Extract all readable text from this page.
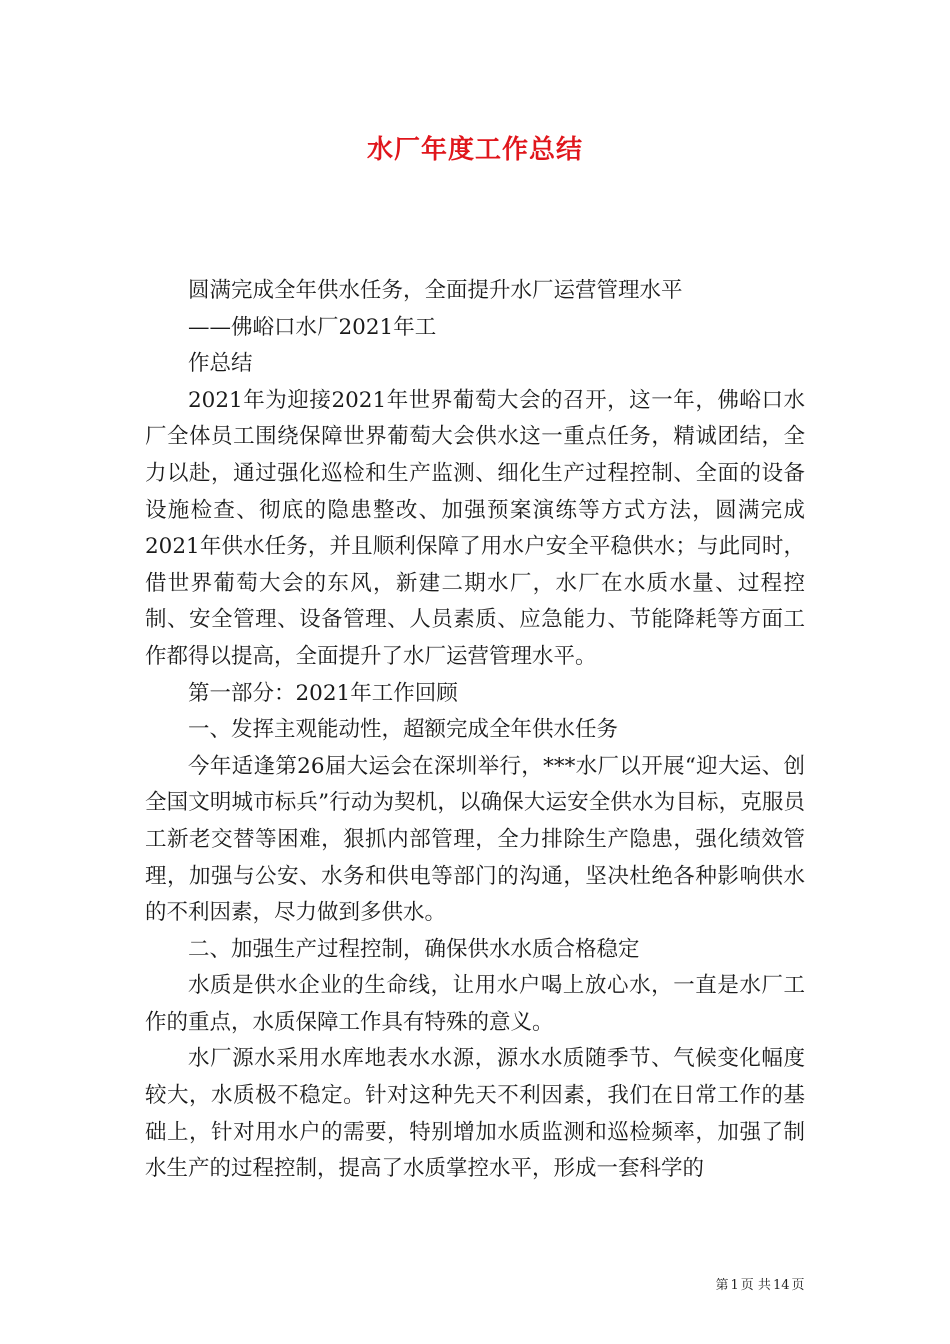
水厂年度工作总结

圆满完成全年供水任务，全面提升水厂运营管理水平

——佛峪口水厂2021年工

作总结

2021年为迎接2021年世界葡萄大会的召开，这一年，佛峪口水厂全体员工围绕保障世界葡萄大会供水这一重点任务，精诚团结，全力以赴，通过强化巡检和生产监测、细化生产过程控制、全面的设备设施检查、彻底的隐患整改、加强预案演练等方式方法，圆满完成2021年供水任务，并且顺利保障了用水户安全平稳供水；与此同时，借世界葡萄大会的东风，新建二期水厂，水厂在水质水量、过程控制、安全管理、设备管理、人员素质、应急能力、节能降耗等方面工作都得以提高，全面提升了水厂运营管理水平。

第一部分：2021年工作回顾

一、发挥主观能动性，超额完成全年供水任务

今年适逢第26届大运会在深圳举行，***水厂以开展“迎大运、创全国文明城市标兵”行动为契机，以确保大运安全供水为目标，克服员工新老交替等困难，狠抓内部管理，全力排除生产隐患，强化绩效管理，加强与公安、水务和供电等部门的沟通，坚决杜绝各种影响供水的不利因素，尽力做到多供水。

二、加强生产过程控制，确保供水水质合格稳定

水质是供水企业的生命线，让用水户喝上放心水，一直是水厂工作的重点，水质保障工作具有特殊的意义。

水厂源水采用水库地表水水源，源水水质随季节、气候变化幅度较大，水质极不稳定。针对这种先天不利因素，我们在日常工作的基础上，针对用水户的需要，特别增加水质监测和巡检频率，加强了制水生产的过程控制，提高了水质掌控水平，形成一套科学的

第 1 页 共 14 页
